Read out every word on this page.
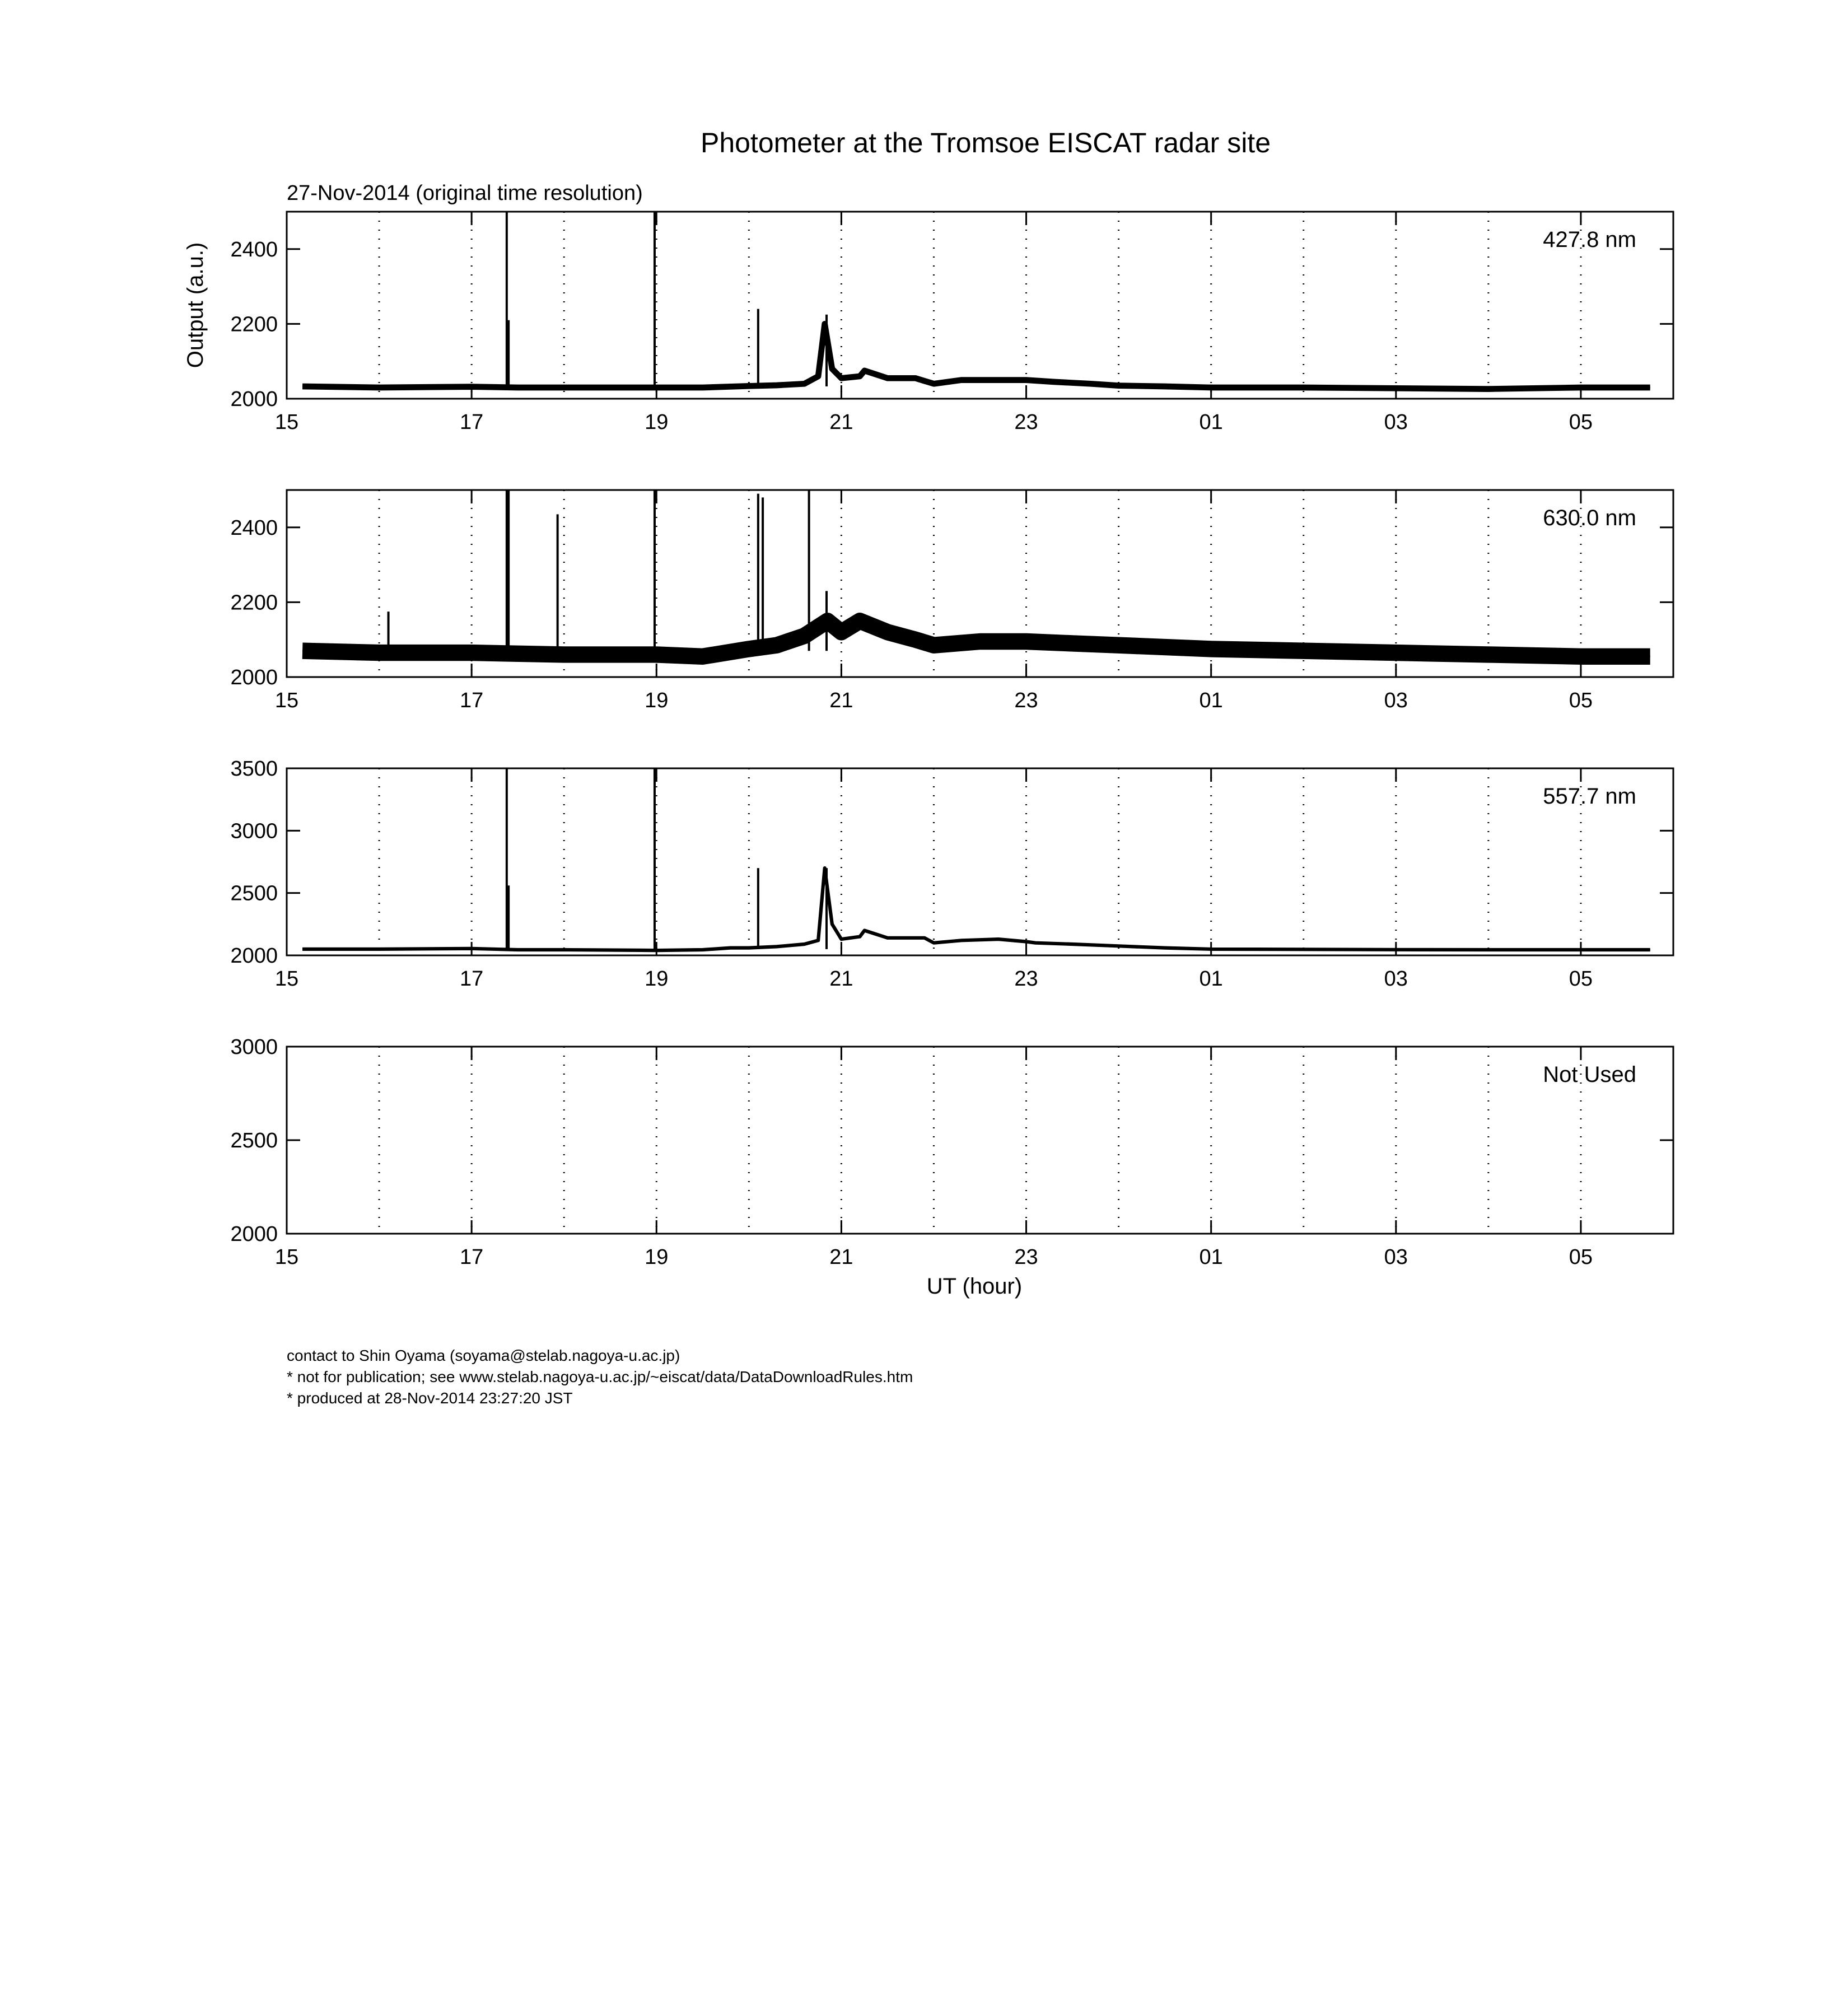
Photometer at the Tromsoe EISCAT radar site
27-Nov-2014 (original time resolution)
Output (a.u.)
UT (hour)
2000
2200
2400
15	17	19	21	23	01	03	05
427.8 nm
2000
2200
2400
15	17	19	21	23	01	03	05
630.0 nm
2000
2500
3000
3500
15	17	19	21	23	01	03	05
557.7 nm
2000
2500
3000
15	17	19	21	23	01	03	05
Not Used
contact to Shin Oyama (soyama@stelab.nagoya-u.ac.jp)
* not for publication; see www.stelab.nagoya-u.ac.jp/~eiscat/data/DataDownloadRules.htm
* produced at 28-Nov-2014 23:27:20 JST
